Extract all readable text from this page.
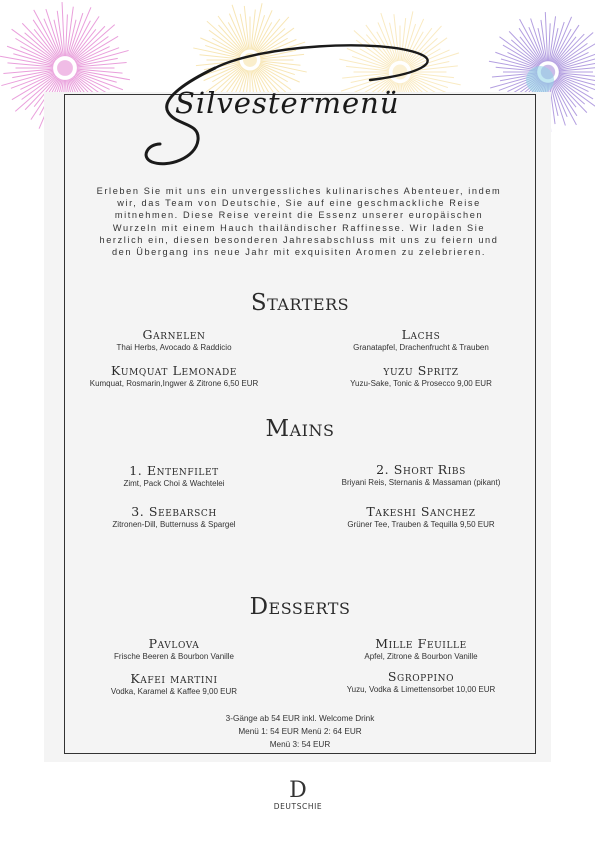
Silvestermenü
Erleben Sie mit uns ein unvergessliches kulinarisches Abenteuer, indem wir, das Team von Deutschie, Sie auf eine geschmackliche Reise mitnehmen. Diese Reise vereint die Essenz unserer europäischen Wurzeln mit einem Hauch thailändischer Raffinesse. Wir laden Sie herzlich ein, diesen besonderen Jahresabschluss mit uns zu feiern und den Übergang ins neue Jahr mit exquisiten Aromen zu zelebrieren.
Starters
Garnelen
Thai Herbs, Avocado & Raddicio
Lachs
Granatapfel, Drachenfrucht & Trauben
Kumquat Lemonade
Kumquat, Rosmarin,Ingwer & Zitrone 6,50 EUR
yuzu Spritz
Yuzu-Sake, Tonic & Prosecco 9,00 EUR
Mains
1. Entenfilet
Zimt, Pack Choi & Wachtelei
2. Short Ribs
Briyani Reis, Sternanis & Massaman (pikant)
3. Seebarsch
Zitronen-Dill, Butternuss & Spargel
Takeshi Sanchez
Grüner Tee, Trauben & Tequilla 9,50 EUR
Desserts
Pavlova
Frische Beeren & Bourbon Vanille
Mille Feuille
Apfel, Zitrone & Bourbon Vanille
Kafei martini
Vodka, Karamel & Kaffee 9,00 EUR
Sgroppino
Yuzu, Vodka & Limettensorbet 10,00 EUR
3-Gänge ab 54 EUR inkl. Welcome Drink
Menü 1: 54 EUR Menü 2: 64 EUR
Menü 3: 54 EUR
D
DEUTSCHIE
